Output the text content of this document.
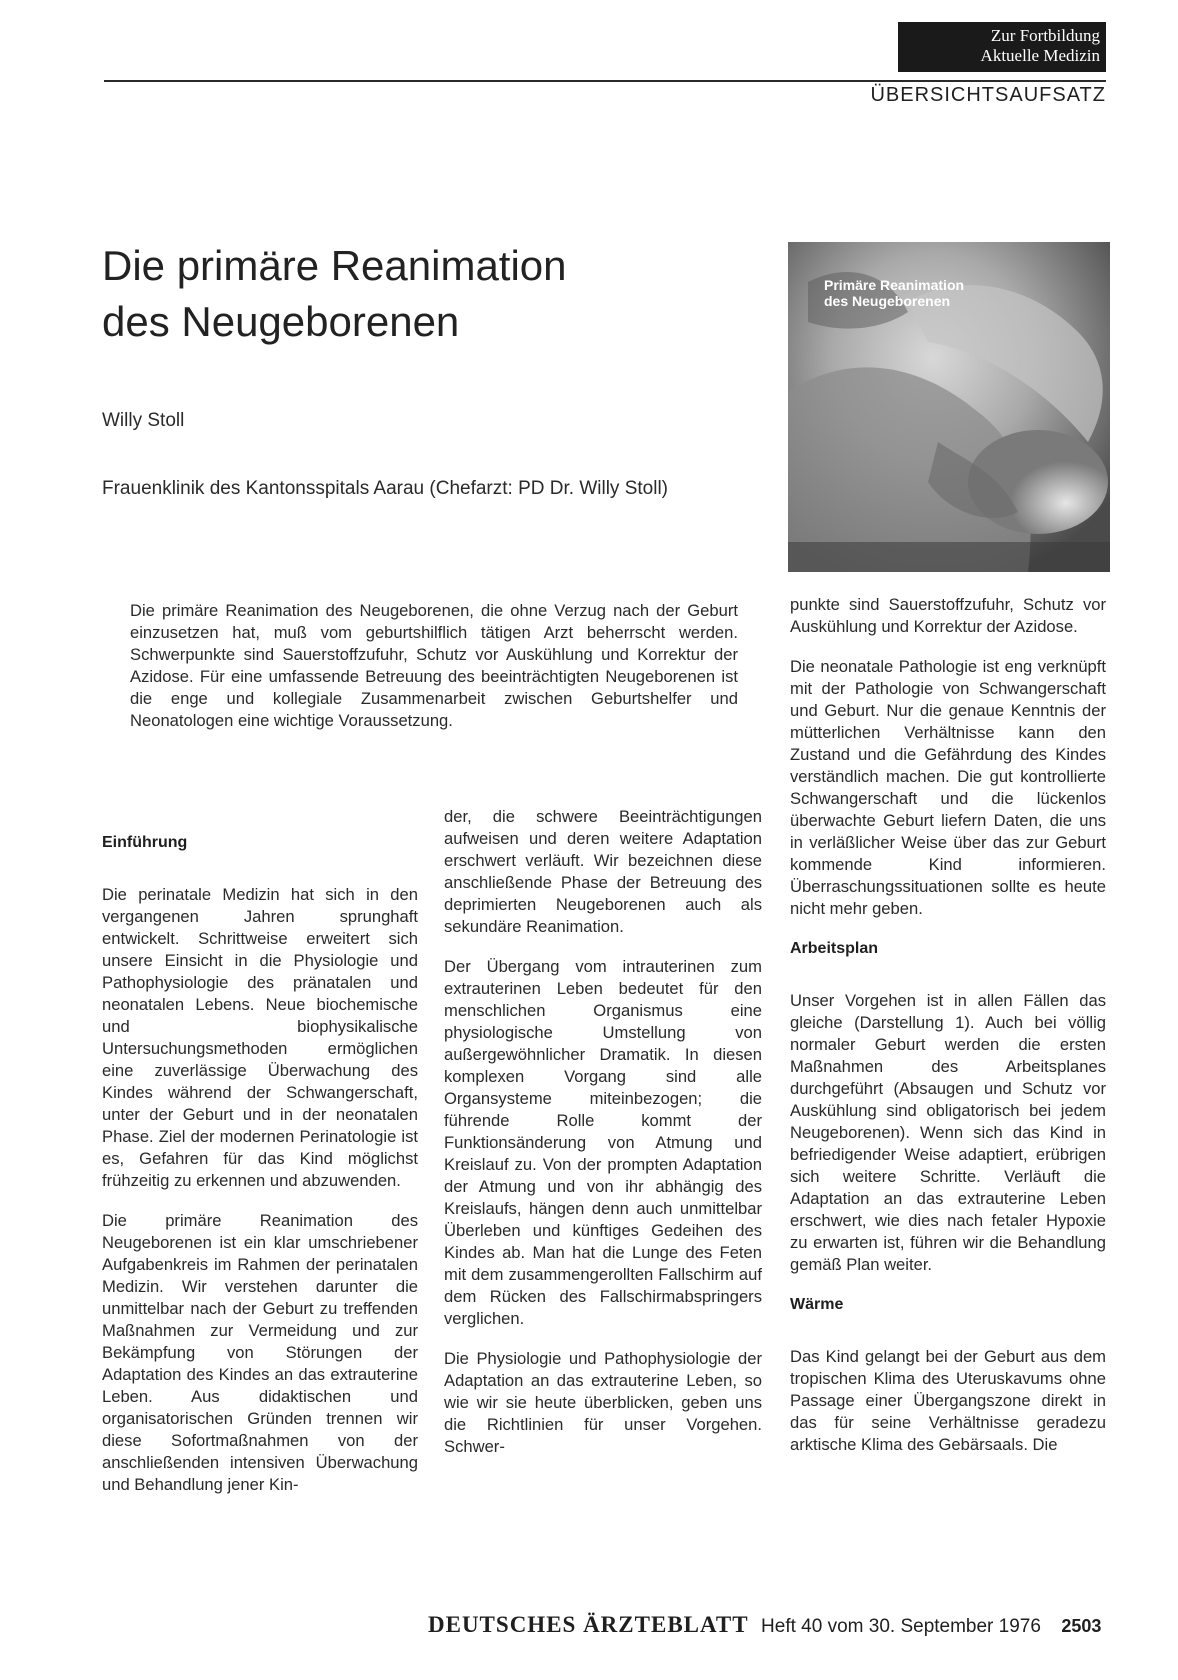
Zur Fortbildung
Aktuelle Medizin
ÜBERSICHTSAUFSATZ
Die primäre Reanimation
des Neugeborenen
Willy Stoll
Frauenklinik des Kantonsspitals Aarau (Chefarzt: PD Dr. Willy Stoll)
Primäre Reanimation
des Neugeborenen

Die primäre Reanimation des Neugeborenen, die ohne Verzug nach der Geburt einzusetzen hat, muß vom geburtshilflich tätigen Arzt beherrscht werden. Schwerpunkte sind Sauerstoffzufuhr, Schutz vor Auskühlung und Korrektur der Azidose. Für eine umfassende Betreuung des beeinträchtigten Neugeborenen ist die enge und kollegiale Zusammenarbeit zwischen Geburtshelfer und Neonatologen eine wichtige Voraussetzung.

Einführung

Die perinatale Medizin hat sich in den vergangenen Jahren sprunghaft entwickelt. Schrittweise erweitert sich unsere Einsicht in die Physiologie und Pathophysiologie des pränatalen und neonatalen Lebens. Neue biochemische und biophysikalische Untersuchungsmethoden ermöglichen eine zuverlässige Überwachung des Kindes während der Schwangerschaft, unter der Geburt und in der neonatalen Phase. Ziel der modernen Perinatologie ist es, Gefahren für das Kind möglichst frühzeitig zu erkennen und abzuwenden.

Die primäre Reanimation des Neugeborenen ist ein klar umschriebener Aufgabenkreis im Rahmen der perinatalen Medizin. Wir verstehen darunter die unmittelbar nach der Geburt zu treffenden Maßnahmen zur Vermeidung und zur Bekämpfung von Störungen der Adaptation des Kindes an das extrauterine Leben. Aus didaktischen und organisatorischen Gründen trennen wir diese Sofortmaßnahmen von der anschließenden intensiven Überwachung und Behandlung jener Kin-

der, die schwere Beeinträchtigungen aufweisen und deren weitere Adaptation erschwert verläuft. Wir bezeichnen diese anschließende Phase der Betreuung des deprimierten Neugeborenen auch als sekundäre Reanimation.

Der Übergang vom intrauterinen zum extrauterinen Leben bedeutet für den menschlichen Organismus eine physiologische Umstellung von außergewöhnlicher Dramatik. In diesen komplexen Vorgang sind alle Organsysteme miteinbezogen; die führende Rolle kommt der Funktionsänderung von Atmung und Kreislauf zu. Von der prompten Adaptation der Atmung und von ihr abhängig des Kreislaufs, hängen denn auch unmittelbar Überleben und künftiges Gedeihen des Kindes ab. Man hat die Lunge des Feten mit dem zusammengerollten Fallschirm auf dem Rücken des Fallschirmabspringers verglichen.

Die Physiologie und Pathophysiologie der Adaptation an das extrauterine Leben, so wie wir sie heute überblicken, geben uns die Richtlinien für unser Vorgehen. Schwer-

punkte sind Sauerstoffzufuhr, Schutz vor Auskühlung und Korrektur der Azidose.

Die neonatale Pathologie ist eng verknüpft mit der Pathologie von Schwangerschaft und Geburt. Nur die genaue Kenntnis der mütterlichen Verhältnisse kann den Zustand und die Gefährdung des Kindes verständlich machen. Die gut kontrollierte Schwangerschaft und die lückenlos überwachte Geburt liefern Daten, die uns in verläßlicher Weise über das zur Geburt kommende Kind informieren. Überraschungssituationen sollte es heute nicht mehr geben.

Arbeitsplan

Unser Vorgehen ist in allen Fällen das gleiche (Darstellung 1). Auch bei völlig normaler Geburt werden die ersten Maßnahmen des Arbeitsplanes durchgeführt (Absaugen und Schutz vor Auskühlung sind obligatorisch bei jedem Neugeborenen). Wenn sich das Kind in befriedigender Weise adaptiert, erübrigen sich weitere Schritte. Verläuft die Adaptation an das extrauterine Leben erschwert, wie dies nach fetaler Hypoxie zu erwarten ist, führen wir die Behandlung gemäß Plan weiter.

Wärme

Das Kind gelangt bei der Geburt aus dem tropischen Klima des Uteruskavums ohne Passage einer Übergangszone direkt in das für seine Verhältnisse geradezu arktische Klima des Gebärsaals. Die

DEUTSCHES ÄRZTEBLATT Heft 40 vom 30. September 1976 2503
